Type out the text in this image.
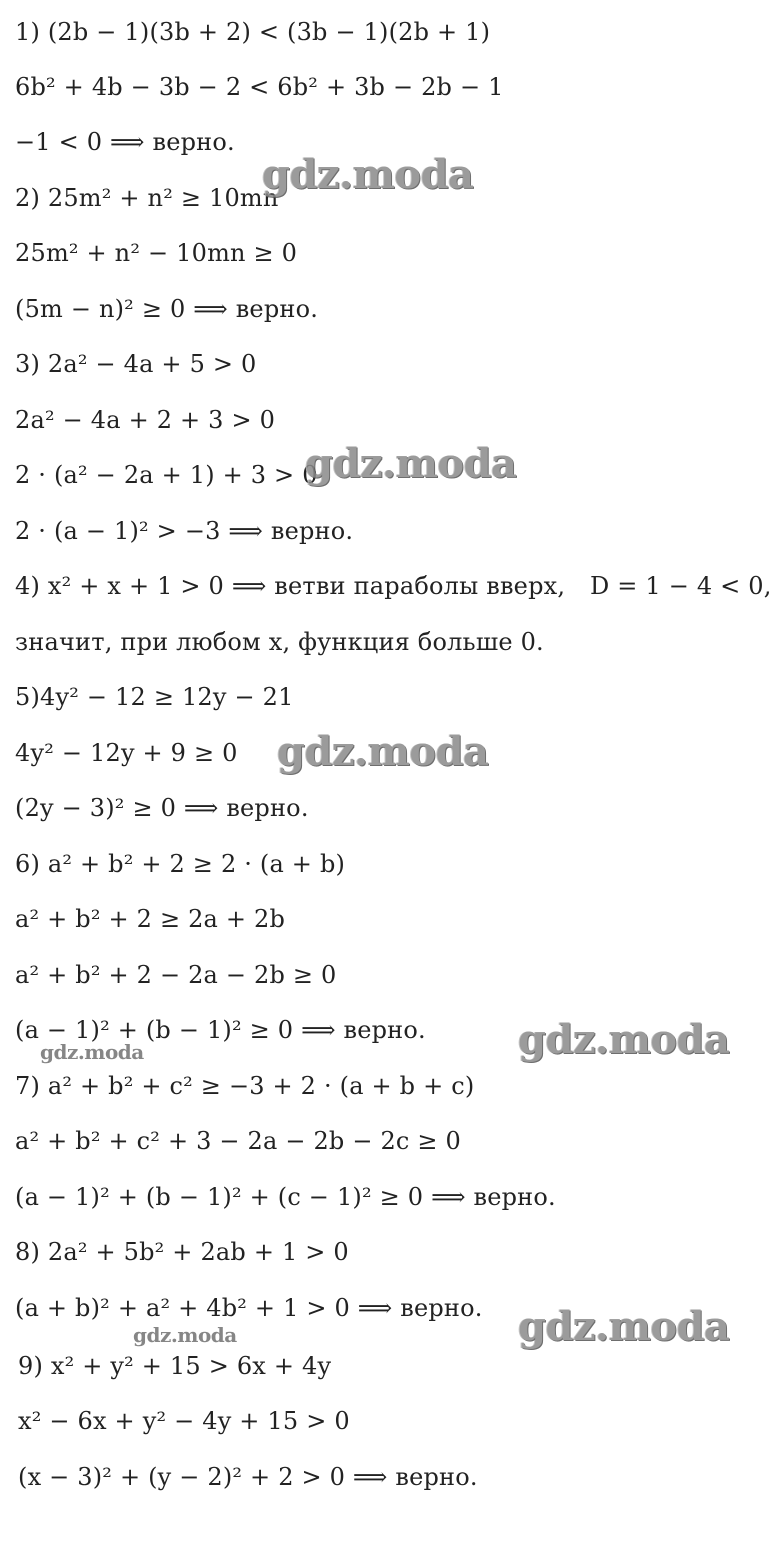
1) (2b − 1)(3b + 2) < (3b − 1)(2b + 1)
6b² + 4b − 3b − 2 < 6b² + 3b − 2b − 1
−1 < 0 ⟹ верно.
2) 25m² + n² ≥ 10mn
25m² + n² − 10mn ≥ 0
(5m − n)² ≥ 0 ⟹ верно.
3) 2a² − 4a + 5 > 0
2a² − 4a + 2 + 3 > 0
2 · (a² − 2a + 1) + 3 > 0
2 · (a − 1)² > −3 ⟹ верно.
4) x² + x + 1 > 0 ⟹ ветви параболы вверх, D = 1 − 4 < 0,
значит, при любом x, функция больше 0.
5)4y² − 12 ≥ 12y − 21
4y² − 12y + 9 ≥ 0
(2y − 3)² ≥ 0 ⟹ верно.
6) a² + b² + 2 ≥ 2 · (a + b)
a² + b² + 2 ≥ 2a + 2b
a² + b² + 2 − 2a − 2b ≥ 0
(a − 1)² + (b − 1)² ≥ 0 ⟹ верно.
7) a² + b² + c² ≥ −3 + 2 · (a + b + c)
a² + b² + c² + 3 − 2a − 2b − 2c ≥ 0
(a − 1)² + (b − 1)² + (c − 1)² ≥ 0 ⟹ верно.
8) 2a² + 5b² + 2ab + 1 > 0
(a + b)² + a² + 4b² + 1 > 0 ⟹ верно.
9) x² + y² + 15 > 6x + 4y
x² − 6x + y² − 4y + 15 > 0
(x − 3)² + (y − 2)² + 2 > 0 ⟹ верно.
gdz.moda
gdz.moda
gdz.moda
gdz.moda
gdz.moda
gdz.moda
gdz.moda
